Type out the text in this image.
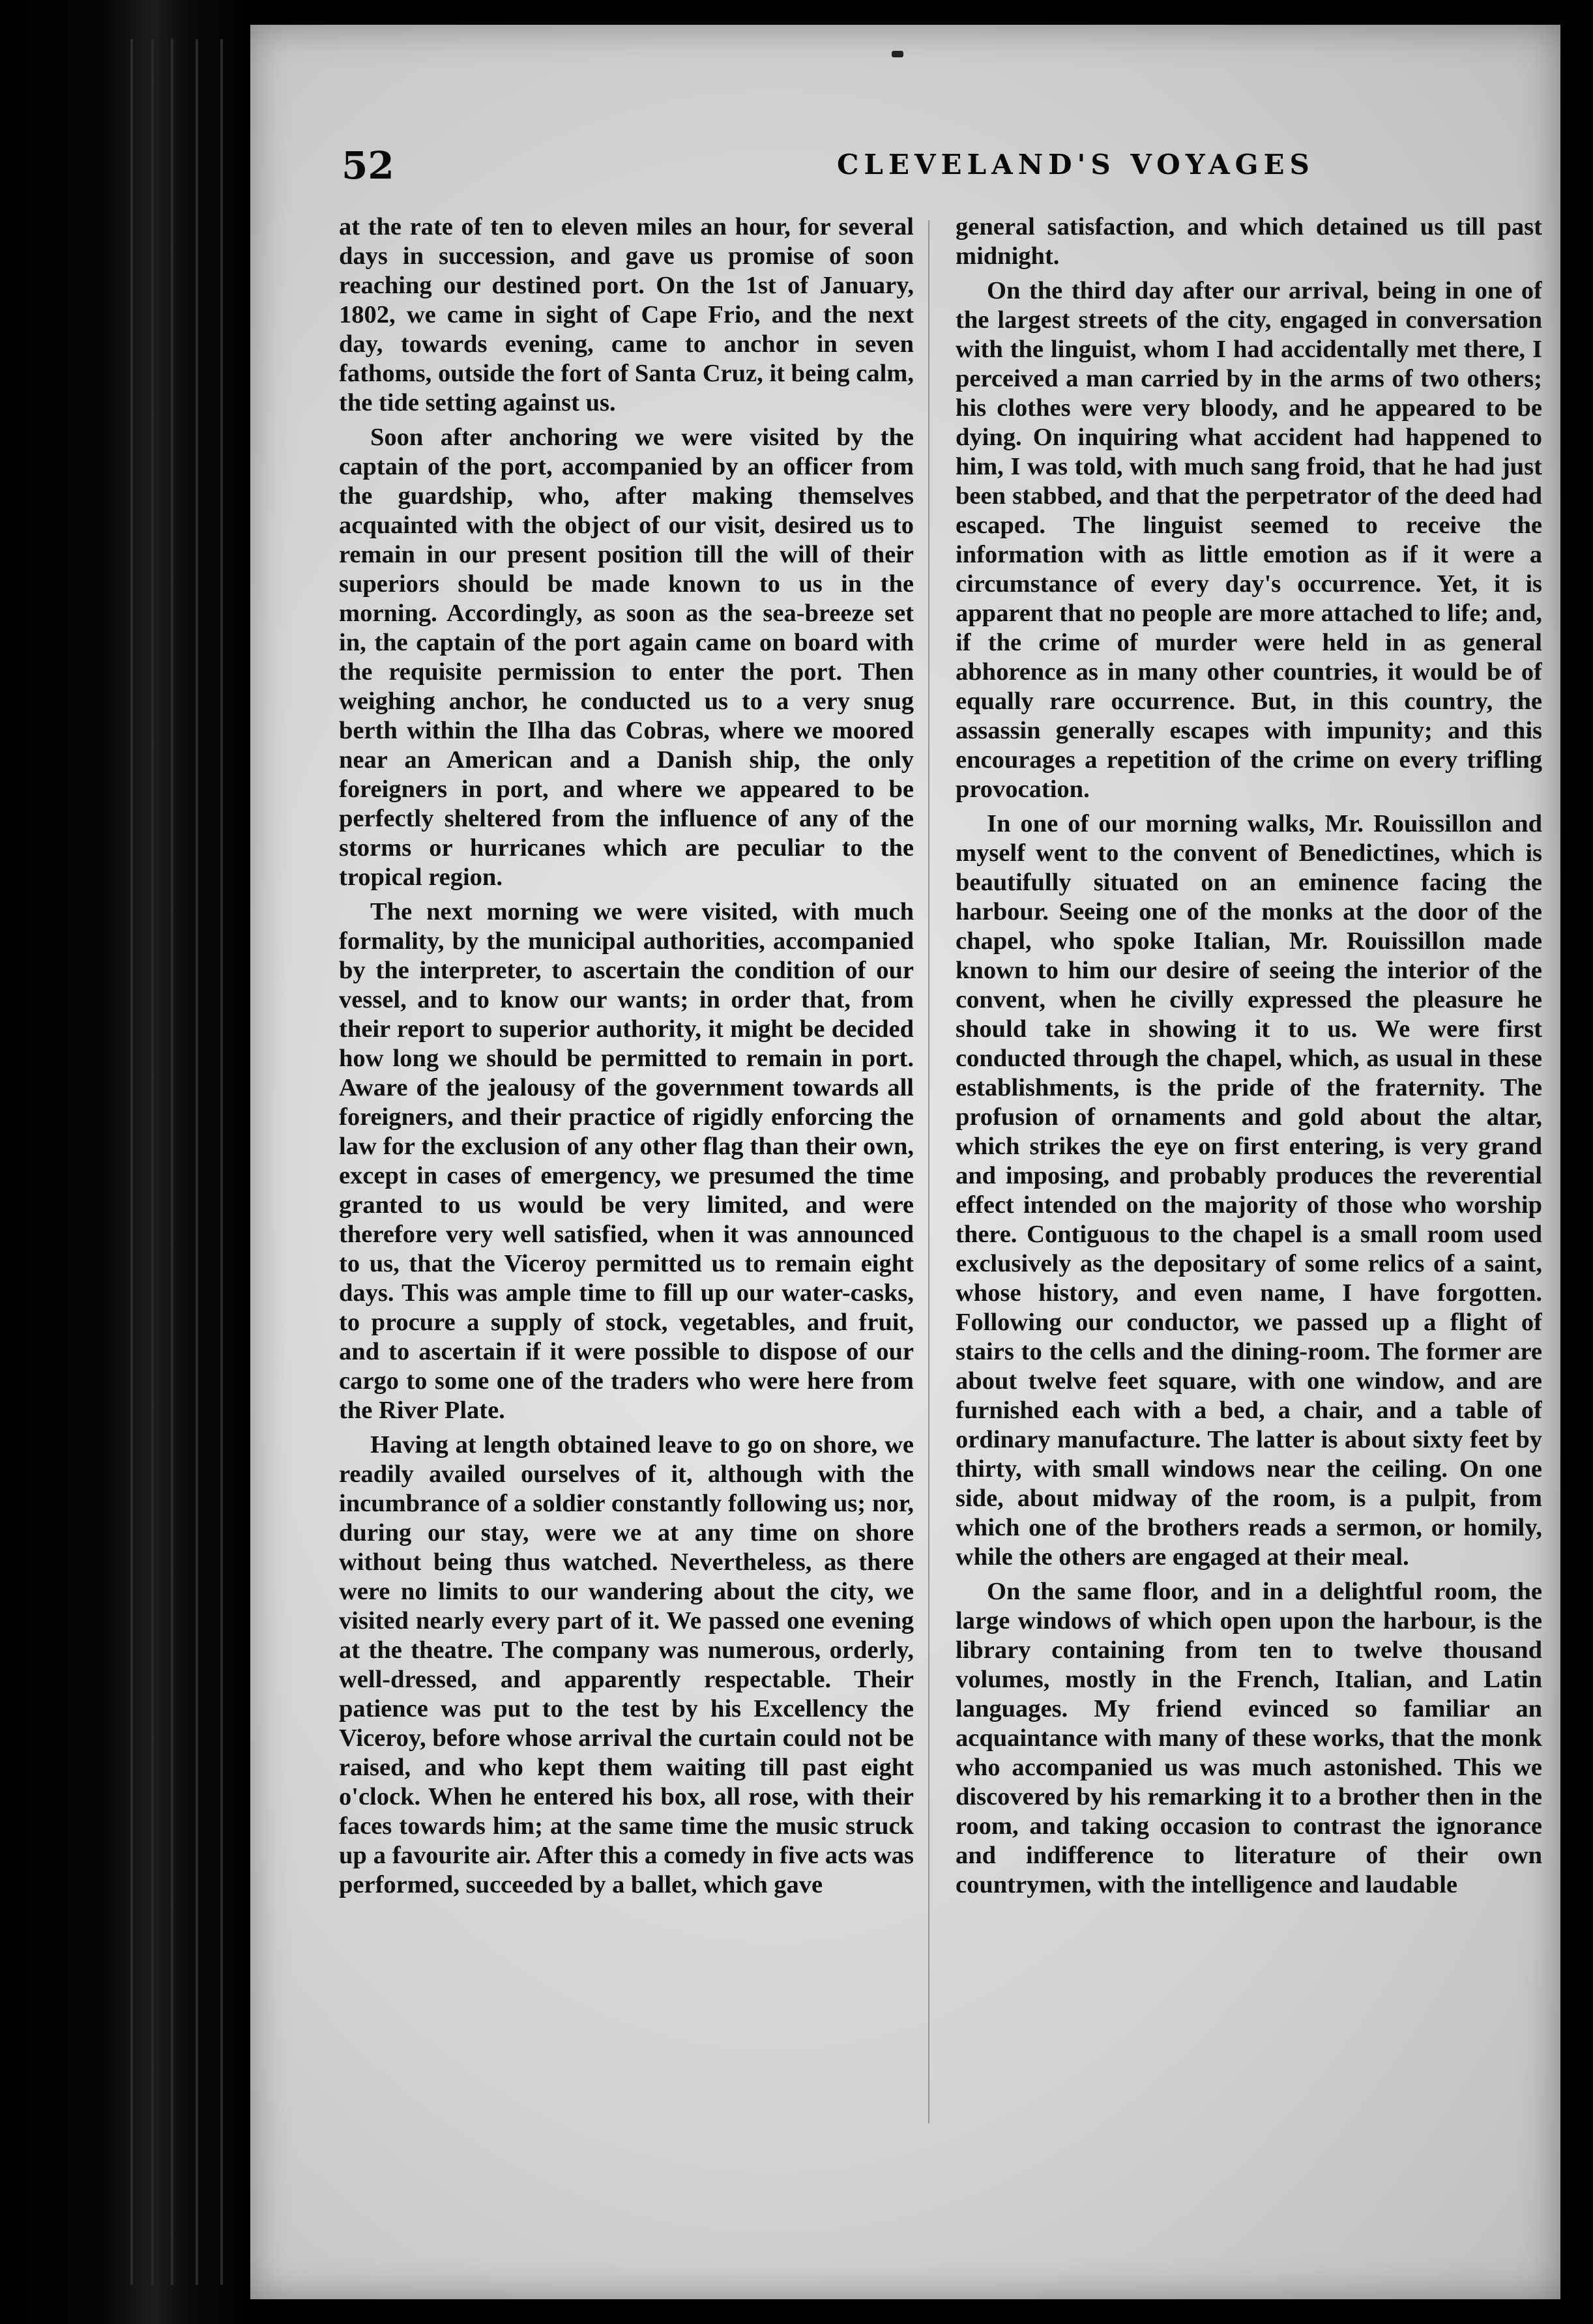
52	CLEVELAND'S VOYAGES

at the rate of ten to eleven miles an hour, for several days in succession, and gave us promise of soon reaching our destined port. On the 1st of January, 1802, we came in sight of Cape Frio, and the next day, towards evening, came to anchor in seven fathoms, outside the fort of Santa Cruz, it being calm, the tide setting against us.

Soon after anchoring we were visited by the captain of the port, accompanied by an officer from the guardship, who, after making themselves acquainted with the object of our visit, desired us to remain in our present position till the will of their superiors should be made known to us in the morning. Accordingly, as soon as the sea-breeze set in, the captain of the port again came on board with the requisite permission to enter the port. Then weighing anchor, he conducted us to a very snug berth within the Ilha das Cobras, where we moored near an American and a Danish ship, the only foreigners in port, and where we appeared to be perfectly sheltered from the influence of any of the storms or hurricanes which are peculiar to the tropical region.

The next morning we were visited, with much formality, by the municipal authorities, accompanied by the interpreter, to ascertain the condition of our vessel, and to know our wants; in order that, from their report to superior authority, it might be decided how long we should be permitted to remain in port. Aware of the jealousy of the government towards all foreigners, and their practice of rigidly enforcing the law for the exclusion of any other flag than their own, except in cases of emergency, we presumed the time granted to us would be very limited, and were therefore very well satisfied, when it was announced to us, that the Viceroy permitted us to remain eight days. This was ample time to fill up our water-casks, to procure a supply of stock, vegetables, and fruit, and to ascertain if it were possible to dispose of our cargo to some one of the traders who were here from the River Plate.

Having at length obtained leave to go on shore, we readily availed ourselves of it, although with the incumbrance of a soldier constantly following us; nor, during our stay, were we at any time on shore without being thus watched. Nevertheless, as there were no limits to our wandering about the city, we visited nearly every part of it. We passed one evening at the theatre. The company was numerous, orderly, well-dressed, and apparently respectable. Their patience was put to the test by his Excellency the Viceroy, before whose arrival the curtain could not be raised, and who kept them waiting till past eight o'clock. When he entered his box, all rose, with their faces towards him; at the same time the music struck up a favourite air. After this a comedy in five acts was performed, succeeded by a ballet, which gave

general satisfaction, and which detained us till past midnight.

On the third day after our arrival, being in one of the largest streets of the city, engaged in conversation with the linguist, whom I had accidentally met there, I perceived a man carried by in the arms of two others; his clothes were very bloody, and he appeared to be dying. On inquiring what accident had happened to him, I was told, with much sang froid, that he had just been stabbed, and that the perpetrator of the deed had escaped. The linguist seemed to receive the information with as little emotion as if it were a circumstance of every day's occurrence. Yet, it is apparent that no people are more attached to life; and, if the crime of murder were held in as general abhorence as in many other countries, it would be of equally rare occurrence. But, in this country, the assassin generally escapes with impunity; and this encourages a repetition of the crime on every trifling provocation.

In one of our morning walks, Mr. Rouissillon and myself went to the convent of Benedictines, which is beautifully situated on an eminence facing the harbour. Seeing one of the monks at the door of the chapel, who spoke Italian, Mr. Rouissillon made known to him our desire of seeing the interior of the convent, when he civilly expressed the pleasure he should take in showing it to us. We were first conducted through the chapel, which, as usual in these establishments, is the pride of the fraternity. The profusion of ornaments and gold about the altar, which strikes the eye on first entering, is very grand and imposing, and probably produces the reverential effect intended on the majority of those who worship there. Contiguous to the chapel is a small room used exclusively as the depositary of some relics of a saint, whose history, and even name, I have forgotten. Following our conductor, we passed up a flight of stairs to the cells and the dining-room. The former are about twelve feet square, with one window, and are furnished each with a bed, a chair, and a table of ordinary manufacture. The latter is about sixty feet by thirty, with small windows near the ceiling. On one side, about midway of the room, is a pulpit, from which one of the brothers reads a sermon, or homily, while the others are engaged at their meal.

On the same floor, and in a delightful room, the large windows of which open upon the harbour, is the library containing from ten to twelve thousand volumes, mostly in the French, Italian, and Latin languages. My friend evinced so familiar an acquaintance with many of these works, that the monk who accompanied us was much astonished. This we discovered by his remarking it to a brother then in the room, and taking occasion to contrast the ignorance and indifference to literature of their own countrymen, with the intelligence and laudable
